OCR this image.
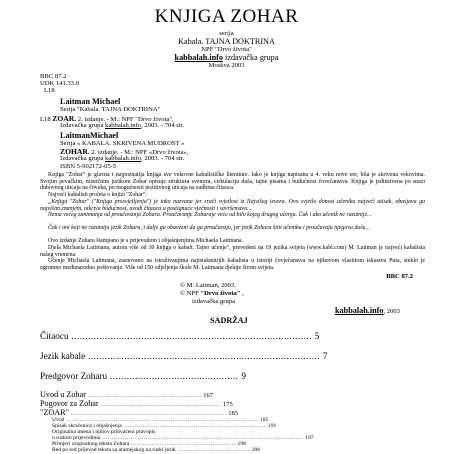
KNJIGA ZOHAR
serija
Kabala. TAJNA DOKTRINA
NPF "Drvo života"
kabbalah.info izdavačka grupa
Moskva 2003
BBC 87.2
UDK 141.33.0
L18
Laitman Michael
Serija "Kabala. TAJNA DOKTRINA"
L18 ZOAR. 2. izdanje. - M.: NPF "Drvo života",
Izdavačka grupa kabbalah.info, 2003. - 704 str.
LaitmanMichael
Serija « KABALA. SKRIVENA MUDROST »
ZOHAR. 2. izdanje. - M.: NPF «Drvo života»,
Izdavačka grupa kabbalah.info, 2003. - 704 str.
ISBN 5-902172-05-5
Knjiga "Zohar" je glavna i najpoznatija knjiga sve vekovne kabalističke literature. Iako je knjiga napisana u 4. veku nove ere, bila je skrivena vekovima. Svojim pevačkim, mističnim jezikom Zohar opisuje strukturu svemira, cirkulaciju duša, tajne pisama i budućnost čovečanstva. Knjiga je jedinstvena po snazi duhovnog uticaja na čoveka, po mogućnosti pozitivnog uticaja na sudbinu čitaoca.
Najveći kabalisti proleta o knjizi "Zohar":
„Knjiga "Zohar" ("Knjiga prosvjetljenja") je tako nazvana jer zrači svjetlost iz Najvišeg izvora. Ovo svjetlo donosi učeniku najveći utisak, obasjava ga najvišim znanjem, otkriva budućnost, uvodi čitaoca u postignuće vječnosti i savršenstva...
Nema većeg zanimanja od proučavanja Zohara. Proučavanje Zoharaje veće od bilo kojeg drugog učenja. Čak i ako učenik ne razumije...
Čak i oni koji ne razumiju jezik Zohara, i dalje ga obavezni da ga proučavaju, jer jezik Zohara štiti učenika i proučavaju njegovu dušu...
Ovo izdanje Zohara štampano je s prijevodom i objašnjenjima Michaela Laitmana.
Djela Michaela Laitmana, autora više od 30 knjiga o kabali. Tajno učenje", prevedeni na 19 jezika svijeta (www.kabl.com) M. Laitman je najveći kabalista našeg vremena.
Učenje Michaela Laitmana, zasnovano na istraživanjima najistaknutijih kabalista u istoriji čovječanstva na njihovom vlastitom iskustvu Puta, steklo je ogromno međunarodno poštovanje. Više od 150 odjeljenja škole M. Laitmana djeluje širom svijeta.
BBC 87.2
© M. Laitman, 2003.
© NPF "Drvo života" ,
izdavačka grupa
kabbalah.info, 2003
SADRŽAJ
Čitaocu ...................................................................................... 5
Jezik kabale ................................................................................... 7
Predgovor Zoharu .............................................. 9
Uvod u Zohar ................................................................. 167
Pogovor za Zohar ..................................................................... 175
"ZOAR" ......................................................................................... 185
Uvod ..................................................................................................... 185
Spisak skraćenica i objašnjenja ........................................................................... 191
Originalna imena i njihov prihvaćeni pravopis
u ruskim prijevodima .......................................................................................................... 197
Primjeri originalnog teksta Zohara ....................................................... 198
Red po red prijevod teksta sa aramejskog na ruski jezik ...................................... 206
